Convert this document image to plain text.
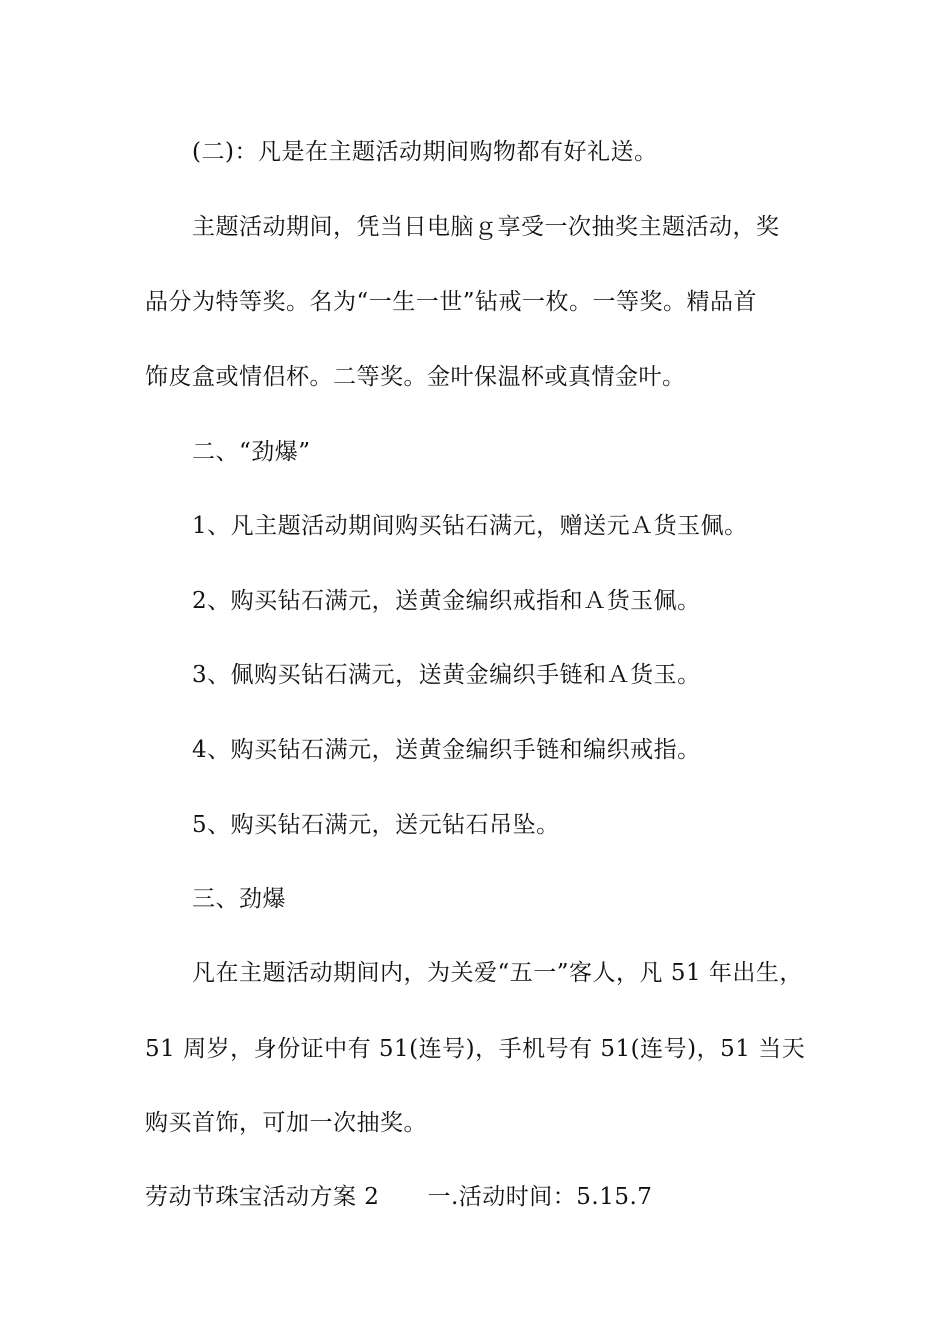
(二)：凡是在主题活动期间购物都有好礼送。
主题活动期间，凭当日电脑ｇ享受一次抽奖主题活动，奖
品分为特等奖。名为“一生一世”钻戒一枚。一等奖。精品首
饰皮盒或情侣杯。二等奖。金叶保温杯或真情金叶。
二、“劲爆”
1、凡主题活动期间购买钻石满元，赠送元Ａ货玉佩。
2、购买钻石满元，送黄金编织戒指和Ａ货玉佩。
3、佩购买钻石满元，送黄金编织手链和Ａ货玉。
4、购买钻石满元，送黄金编织手链和编织戒指。
5、购买钻石满元，送元钻石吊坠。
三、劲爆
凡在主题活动期间内，为关爱“五一”客人，凡 51 年出生，
51 周岁，身份证中有 51(连号)，手机号有 51(连号)，51 当天
购买首饰，可加一次抽奖。
劳动节珠宝活动方案 2 一.活动时间：5.15.7
